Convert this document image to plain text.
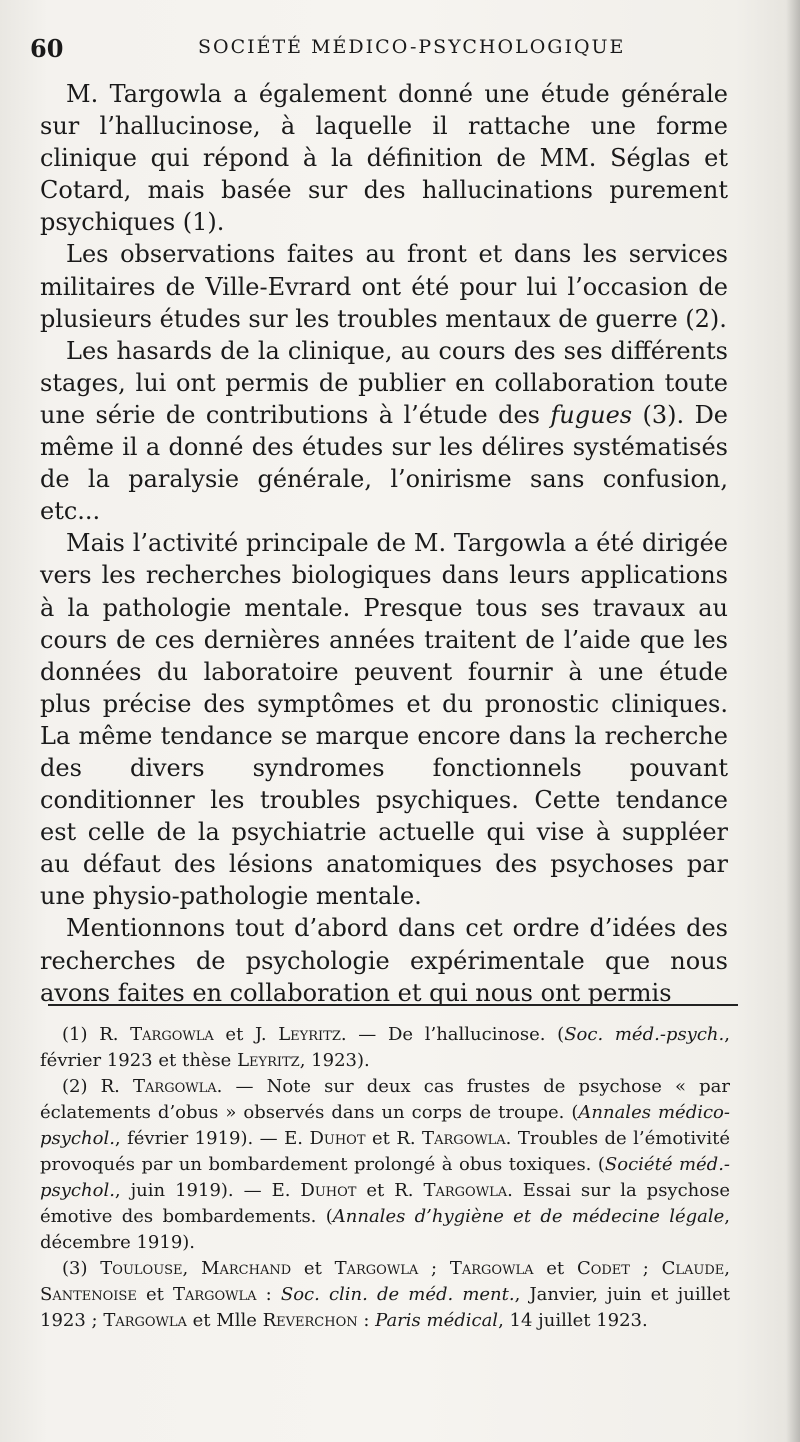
60	SOCIÉTÉ MÉDICO-PSYCHOLOGIQUE

M. Targowla a également donné une étude générale sur l’hallucinose, à laquelle il rattache une forme clinique qui répond à la définition de MM. Séglas et Cotard, mais basée sur des hallucinations purement psychiques (1).

Les observations faites au front et dans les services militaires de Ville-Evrard ont été pour lui l’occasion de plusieurs études sur les troubles mentaux de guerre (2).

Les hasards de la clinique, au cours des ses différents stages, lui ont permis de publier en collaboration toute une série de contributions à l’étude des fugues (3). De même il a donné des études sur les délires systématisés de la paralysie générale, l’onirisme sans confusion, etc...

Mais l’activité principale de M. Targowla a été dirigée vers les recherches biologiques dans leurs applications à la pathologie mentale. Presque tous ses travaux au cours de ces dernières années traitent de l’aide que les données du laboratoire peuvent fournir à une étude plus précise des symptômes et du pronostic cliniques. La même tendance se marque encore dans la recherche des divers syndromes fonctionnels pouvant conditionner les troubles psychiques. Cette tendance est celle de la psychiatrie actuelle qui vise à suppléer au défaut des lésions anatomiques des psychoses par une physio-pathologie mentale.

Mentionnons tout d’abord dans cet ordre d’idées des recherches de psychologie expérimentale que nous avons faites en collaboration et qui nous ont permis

(1) R. Targowla et J. Leyritz. — De l’hallucinose. (Soc. méd.-psych., février 1923 et thèse Leyritz, 1923).

(2) R. Targowla. — Note sur deux cas frustes de psychose « par éclatements d’obus » observés dans un corps de troupe. (Annales médico-psychol., février 1919). — E. Duhot et R. Targowla. Troubles de l’émotivité provoqués par un bombardement prolongé à obus toxiques. (Société méd.-psychol., juin 1919). — E. Duhot et R. Targowla. Essai sur la psychose émotive des bombardements. (Annales d’hygiène et de médecine légale, décembre 1919).

(3) Toulouse, Marchand et Targowla ; Targowla et Codet ; Claude, Santenoise et Targowla : Soc. clin. de méd. ment., Janvier, juin et juillet 1923 ; Targowla et Mlle Reverchon : Paris médical, 14 juillet 1923.
